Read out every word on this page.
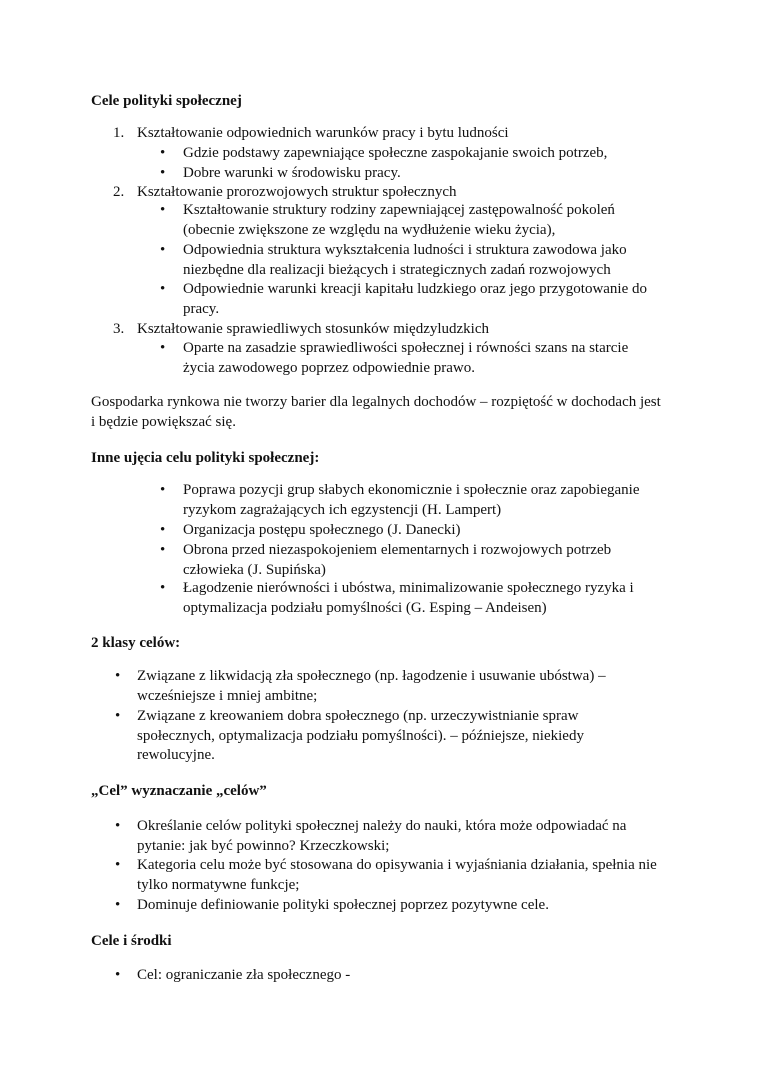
Cele polityki społecznej
1. Kształtowanie odpowiednich warunków pracy i bytu ludności
• Gdzie podstawy zapewniające społeczne zaspokajanie swoich potrzeb,
• Dobre warunki w środowisku pracy.
2. Kształtowanie prorozwojowych struktur społecznych
• Kształtowanie struktury rodziny zapewniającej zastępowalność pokoleń (obecnie zwiększone ze względu na wydłużenie wieku życia),
• Odpowiednia struktura wykształcenia ludności i struktura zawodowa jako niezbędne dla realizacji bieżących i strategicznych zadań rozwojowych
• Odpowiednie warunki kreacji kapitału ludzkiego oraz jego przygotowanie do pracy.
3. Kształtowanie sprawiedliwych stosunków międzyludzkich
• Oparte na zasadzie sprawiedliwości społecznej i równości szans na starcie życia zawodowego poprzez odpowiednie prawo.
Gospodarka rynkowa nie tworzy barier dla legalnych dochodów – rozpiętość w dochodach jest i będzie powiększać się.
Inne ujęcia celu polityki społecznej:
• Poprawa pozycji grup słabych ekonomicznie i społecznie oraz zapobieganie ryzykom zagrażających ich egzystencji (H. Lampert)
• Organizacja postępu społecznego (J. Danecki)
• Obrona przed niezaspokojeniem elementarnych i rozwojowych potrzeb człowieka (J. Supińska)
• Łagodzenie nierówności i ubóstwa, minimalizowanie społecznego ryzyka i optymalizacja podziału pomyślności (G. Esping – Andeisen)
2 klasy celów:
• Związane z likwidacją zła społecznego (np. łagodzenie i usuwanie ubóstwa) – wcześniejsze i mniej ambitne;
• Związane z kreowaniem dobra społecznego (np. urzeczywistnianie spraw społecznych, optymalizacja podziału pomyślności). – późniejsze, niekiedy rewolucyjne.
„Cel” wyznaczanie „celów”
• Określanie celów polityki społecznej należy do nauki, która może odpowiadać na pytanie: jak być powinno? Krzeczkowski;
• Kategoria celu może być stosowana do opisywania i wyjaśniania działania, spełnia nie tylko normatywne funkcje;
• Dominuje definiowanie polityki społecznej poprzez pozytywne cele.
Cele i środki
• Cel: ograniczanie zła społecznego -
